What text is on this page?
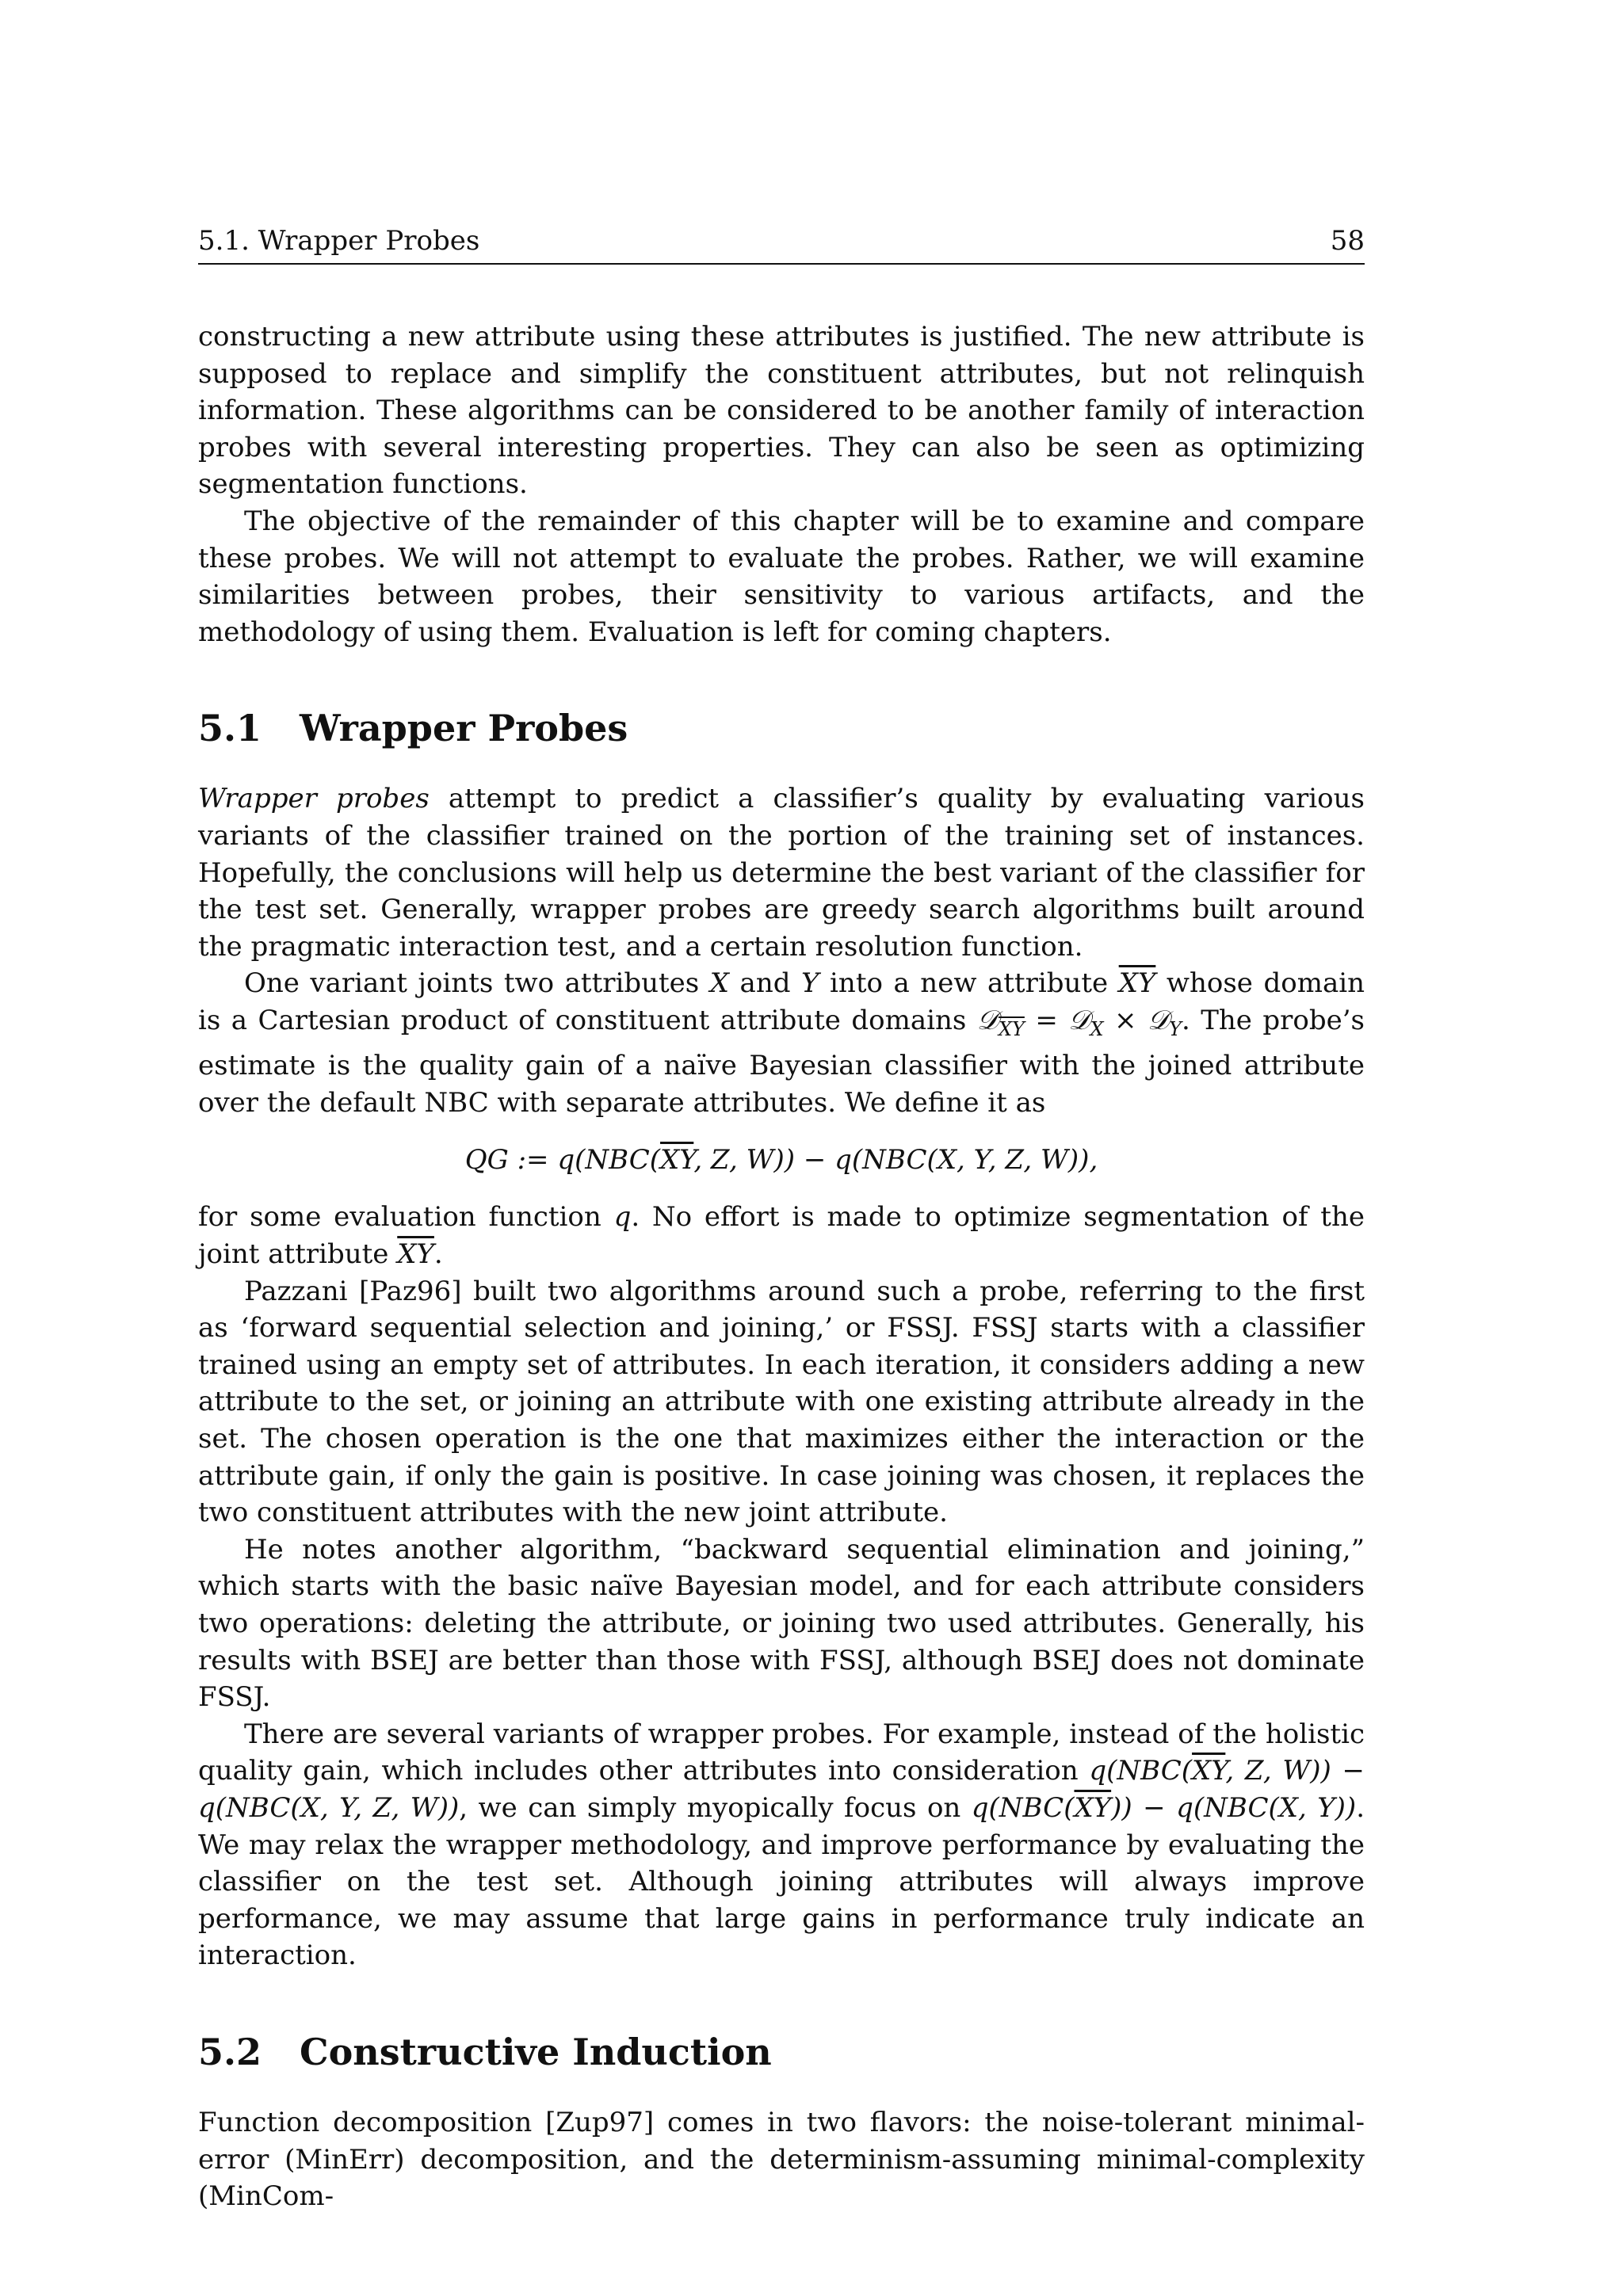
5.1. Wrapper Probes	58

constructing a new attribute using these attributes is justified. The new attribute is supposed to replace and simplify the constituent attributes, but not relinquish information. These algorithms can be considered to be another family of interaction probes with several interesting properties. They can also be seen as optimizing segmentation functions.

The objective of the remainder of this chapter will be to examine and compare these probes. We will not attempt to evaluate the probes. Rather, we will examine similarities between probes, their sensitivity to various artifacts, and the methodology of using them. Evaluation is left for coming chapters.

5.1	Wrapper Probes

Wrapper probes attempt to predict a classifier’s quality by evaluating various variants of the classifier trained on the portion of the training set of instances. Hopefully, the conclusions will help us determine the best variant of the classifier for the test set. Generally, wrapper probes are greedy search algorithms built around the pragmatic interaction test, and a certain resolution function.

One variant joints two attributes X and Y into a new attribute $\overline{XY}$ whose domain is a Cartesian product of constituent attribute domains 𝒟$_{\overline{XY}}$ = 𝒟$_X$ × 𝒟$_Y$. The probe’s estimate is the quality gain of a naïve Bayesian classifier with the joined attribute over the default NBC with separate attributes. We define it as

QG := $q(NBC(\overline{XY}$, Z, W)) − q(NBC(X, Y, Z, W)),

for some evaluation function q. No effort is made to optimize segmentation of the joint attribute $\overline{XY}$.

Pazzani [Paz96] built two algorithms around such a probe, referring to the first as ‘forward sequential selection and joining,’ or FSSJ. FSSJ starts with a classifier trained using an empty set of attributes. In each iteration, it considers adding a new attribute to the set, or joining an attribute with one existing attribute already in the set. The chosen operation is the one that maximizes either the interaction or the attribute gain, if only the gain is positive. In case joining was chosen, it replaces the two constituent attributes with the new joint attribute.

He notes another algorithm, “backward sequential elimination and joining,” which starts with the basic naïve Bayesian model, and for each attribute considers two operations: deleting the attribute, or joining two used attributes. Generally, his results with BSEJ are better than those with FSSJ, although BSEJ does not dominate FSSJ.

There are several variants of wrapper probes. For example, instead of the holistic quality gain, which includes other attributes into consideration $q(NBC(\overline{XY}$, Z, W)) − q(NBC(X, Y, Z, W)), we can simply myopically focus on $q(NBC(\overline{XY})) - q(NBC(X$, Y)). We may relax the wrapper methodology, and improve performance by evaluating the classifier on the test set. Although joining attributes will always improve performance, we may assume that large gains in performance truly indicate an interaction.

5.2	Constructive Induction

Function decomposition [Zup97] comes in two flavors: the noise-tolerant minimal-error (MinErr) decomposition, and the determinism-assuming minimal-complexity (MinCom-
